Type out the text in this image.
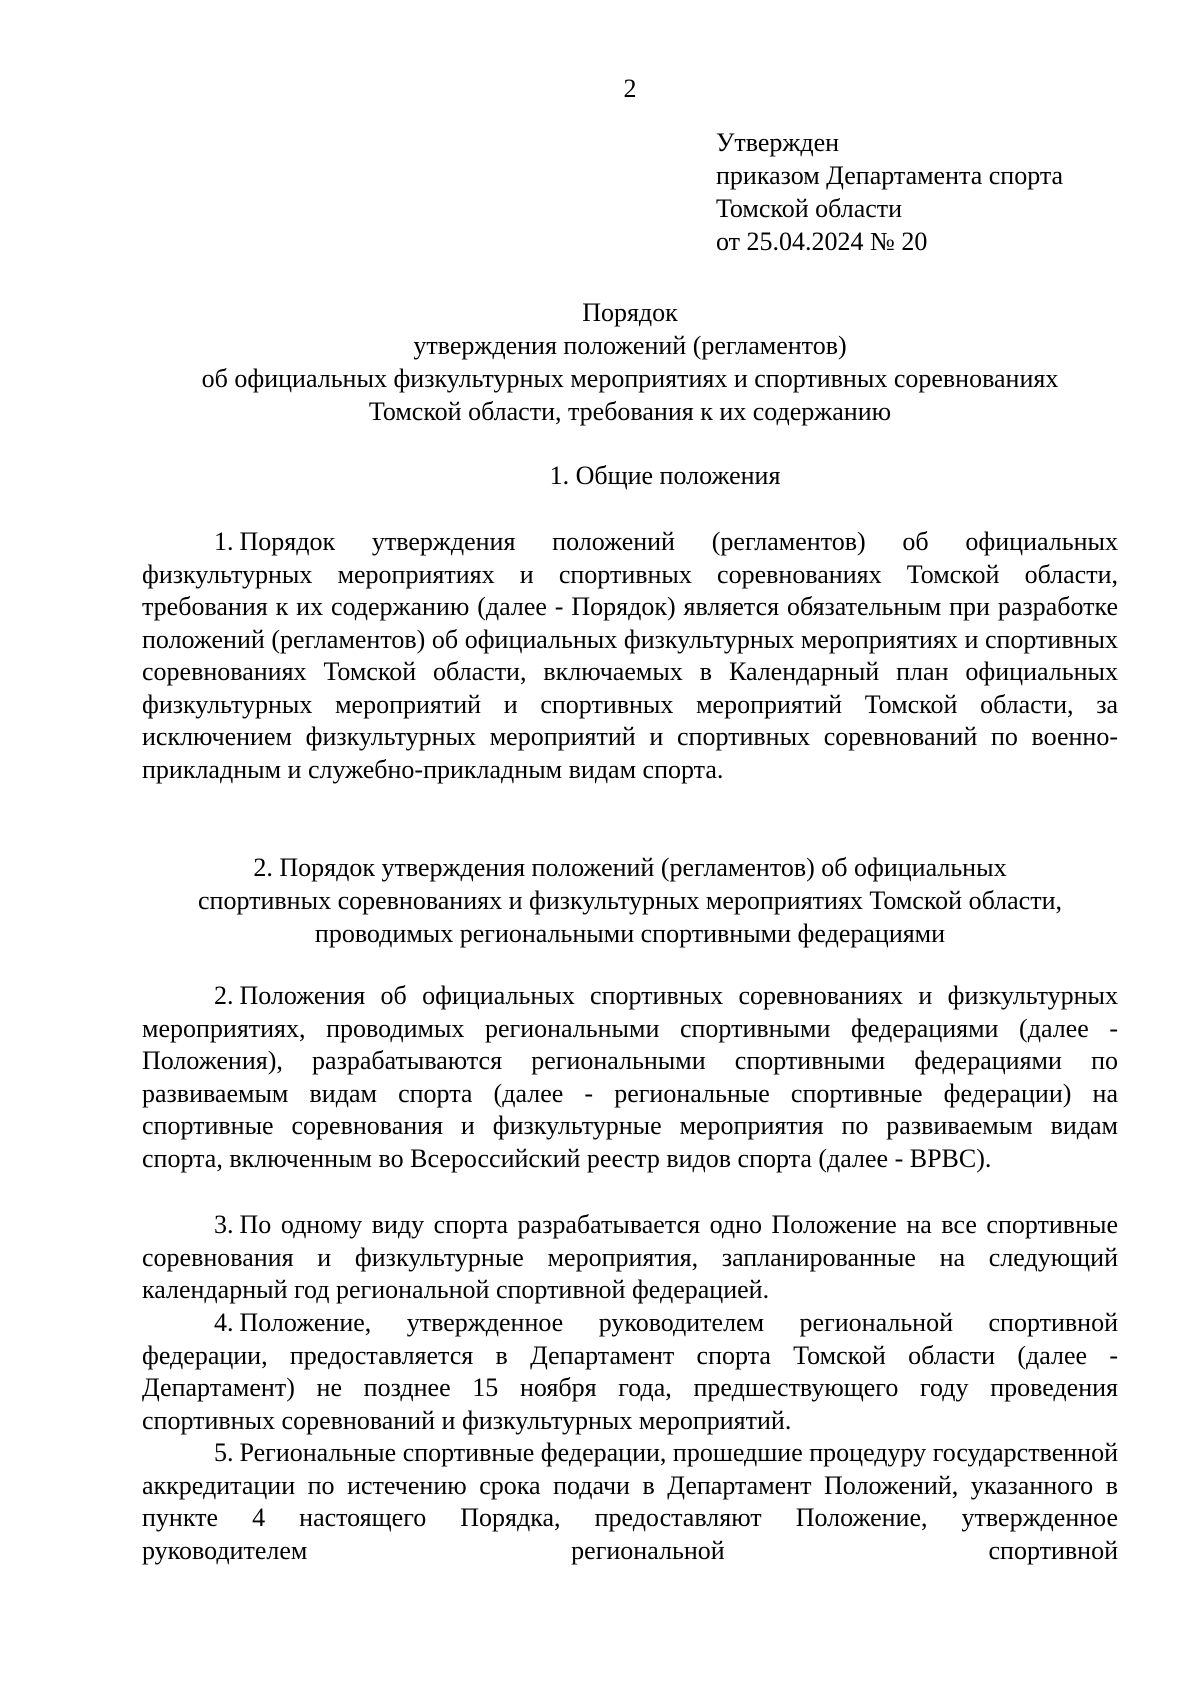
2
Утвержден
приказом Департамента спорта
Томской области
от 25.04.2024 № 20
Порядок
утверждения положений (регламентов)
об официальных физкультурных мероприятиях и спортивных соревнованиях
Томской области, требования к их содержанию
1. Общие положения
1. Порядок утверждения положений (регламентов) об официальных физкультурных мероприятиях и спортивных соревнованиях Томской области, требования к их содержанию (далее - Порядок) является обязательным при разработке положений (регламентов) об официальных физкультурных мероприятиях и спортивных соревнованиях Томской области, включаемых в Календарный план официальных физкультурных мероприятий и спортивных мероприятий Томской области, за исключением физкультурных мероприятий и спортивных соревнований по военно-прикладным и служебно-прикладным видам спорта.
2. Порядок утверждения положений (регламентов) об официальных
спортивных соревнованиях и физкультурных мероприятиях Томской области,
проводимых региональными спортивными федерациями
2. Положения об официальных спортивных соревнованиях и физкультурных мероприятиях, проводимых региональными спортивными федерациями (далее - Положения), разрабатываются региональными спортивными федерациями по развиваемым видам спорта (далее - региональные спортивные федерации) на спортивные соревнования и физкультурные мероприятия по развиваемым видам спорта, включенным во Всероссийский реестр видов спорта (далее - ВРВС).
3. По одному виду спорта разрабатывается одно Положение на все спортивные соревнования и физкультурные мероприятия, запланированные на следующий календарный год региональной спортивной федерацией.
4. Положение, утвержденное руководителем региональной спортивной федерации, предоставляется в Департамент спорта Томской области (далее - Департамент) не позднее 15 ноября года, предшествующего году проведения спортивных соревнований и физкультурных мероприятий.
5. Региональные спортивные федерации, прошедшие процедуру государственной аккредитации по истечению срока подачи в Департамент Положений, указанного в пункте 4 настоящего Порядка, предоставляют Положение, утвержденное руководителем региональной спортивной
